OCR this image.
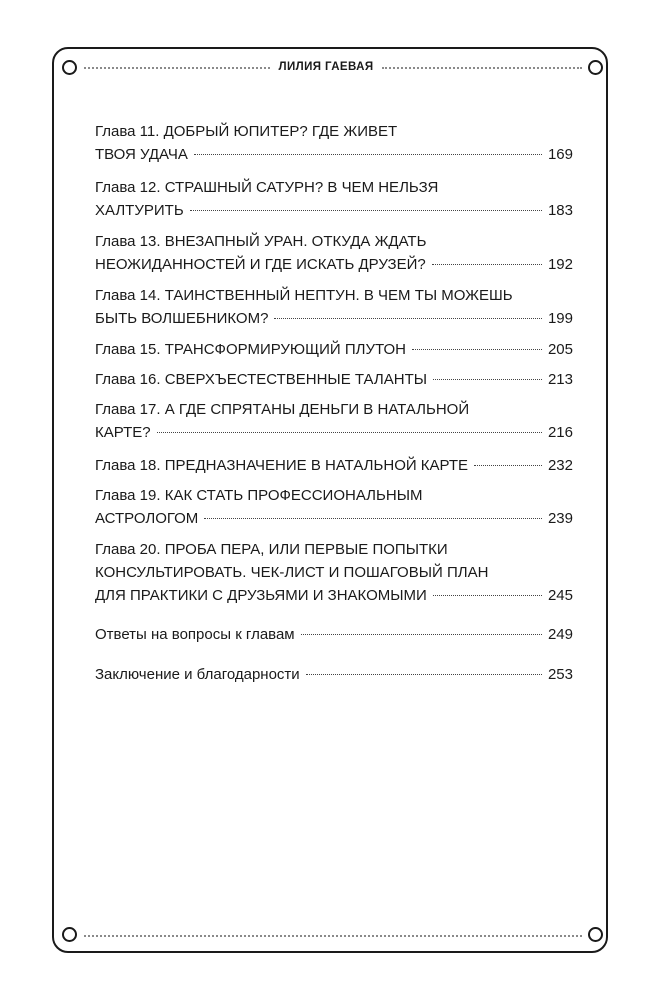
ЛИЛИЯ ГАЕВАЯ
Глава 11. ДОБРЫЙ ЮПИТЕР? ГДЕ ЖИВЕТ
ТВОЯ УДАЧА	169
Глава 12. СТРАШНЫЙ САТУРН? В ЧЕМ НЕЛЬЗЯ
ХАЛТУРИТЬ	183
Глава 13. ВНЕЗАПНЫЙ УРАН. ОТКУДА ЖДАТЬ
НЕОЖИДАННОСТЕЙ И ГДЕ ИСКАТЬ ДРУЗЕЙ?	192
Глава 14. ТАИНСТВЕННЫЙ НЕПТУН. В ЧЕМ ТЫ МОЖЕШЬ
БЫТЬ ВОЛШЕБНИКОМ?	199
Глава 15. ТРАНСФОРМИРУЮЩИЙ ПЛУТОН	205
Глава 16. СВЕРХЪЕСТЕСТВЕННЫЕ ТАЛАНТЫ	213
Глава 17. А ГДЕ СПРЯТАНЫ ДЕНЬГИ В НАТАЛЬНОЙ
КАРТЕ?	216
Глава 18. ПРЕДНАЗНАЧЕНИЕ В НАТАЛЬНОЙ КАРТЕ	232
Глава 19. КАК СТАТЬ ПРОФЕССИОНАЛЬНЫМ
АСТРОЛОГОМ	239
Глава 20. ПРОБА ПЕРА, ИЛИ ПЕРВЫЕ ПОПЫТКИ
КОНСУЛЬТИРОВАТЬ. ЧЕК-ЛИСТ И ПОШАГОВЫЙ ПЛАН
ДЛЯ ПРАКТИКИ С ДРУЗЬЯМИ И ЗНАКОМЫМИ	245
Ответы на вопросы к главам	249
Заключение и благодарности	253
